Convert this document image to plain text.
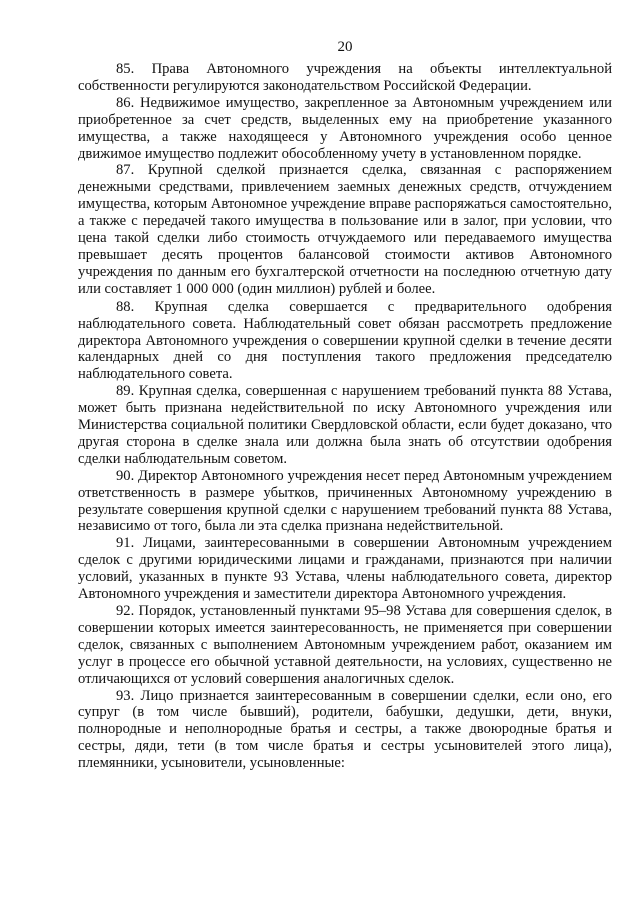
20

85. Права Автономного учреждения на объекты интеллектуальной собственности регулируются законодательством Российской Федерации.

86. Недвижимое имущество, закрепленное за Автономным учреждением или приобретенное за счет средств, выделенных ему на приобретение указанного имущества, а также находящееся у Автономного учреждения особо ценное движимое имущество подлежит обособленному учету в установленном порядке.

87. Крупной сделкой признается сделка, связанная с распоряжением денежными средствами, привлечением заемных денежных средств, отчуждением имущества, которым Автономное учреждение вправе распоряжаться самостоятельно, а также с передачей такого имущества в пользование или в залог, при условии, что цена такой сделки либо стоимость отчуждаемого или передаваемого имущества превышает десять процентов балансовой стоимости активов Автономного учреждения по данным его бухгалтерской отчетности на последнюю отчетную дату или составляет 1 000 000 (один миллион) рублей и более.

88. Крупная сделка совершается с предварительного одобрения наблюдательного совета. Наблюдательный совет обязан рассмотреть предложение директора Автономного учреждения о совершении крупной сделки в течение десяти календарных дней со дня поступления такого предложения председателю наблюдательного совета.

89. Крупная сделка, совершенная с нарушением требований пункта 88 Устава, может быть признана недействительной по иску Автономного учреждения или Министерства социальной политики Свердловской области, если будет доказано, что другая сторона в сделке знала или должна была знать об отсутствии одобрения сделки наблюдательным советом.

90. Директор Автономного учреждения несет перед Автономным учреждением ответственность в размере убытков, причиненных Автономному учреждению в результате совершения крупной сделки с нарушением требований пункта 88 Устава, независимо от того, была ли эта сделка признана недействительной.

91. Лицами, заинтересованными в совершении Автономным учреждением сделок с другими юридическими лицами и гражданами, признаются при наличии условий, указанных в пункте 93 Устава, члены наблюдательного совета, директор Автономного учреждения и заместители директора Автономного учреждения.

92. Порядок, установленный пунктами 95–98 Устава для совершения сделок, в совершении которых имеется заинтересованность, не применяется при совершении сделок, связанных с выполнением Автономным учреждением работ, оказанием им услуг в процессе его обычной уставной деятельности, на условиях, существенно не отличающихся от условий совершения аналогичных сделок.

93. Лицо признается заинтересованным в совершении сделки, если оно, его супруг (в том числе бывший), родители, бабушки, дедушки, дети, внуки, полнородные и неполнородные братья и сестры, а также двоюродные братья и сестры, дяди, тети (в том числе братья и сестры усыновителей этого лица), племянники, усыновители, усыновленные:
